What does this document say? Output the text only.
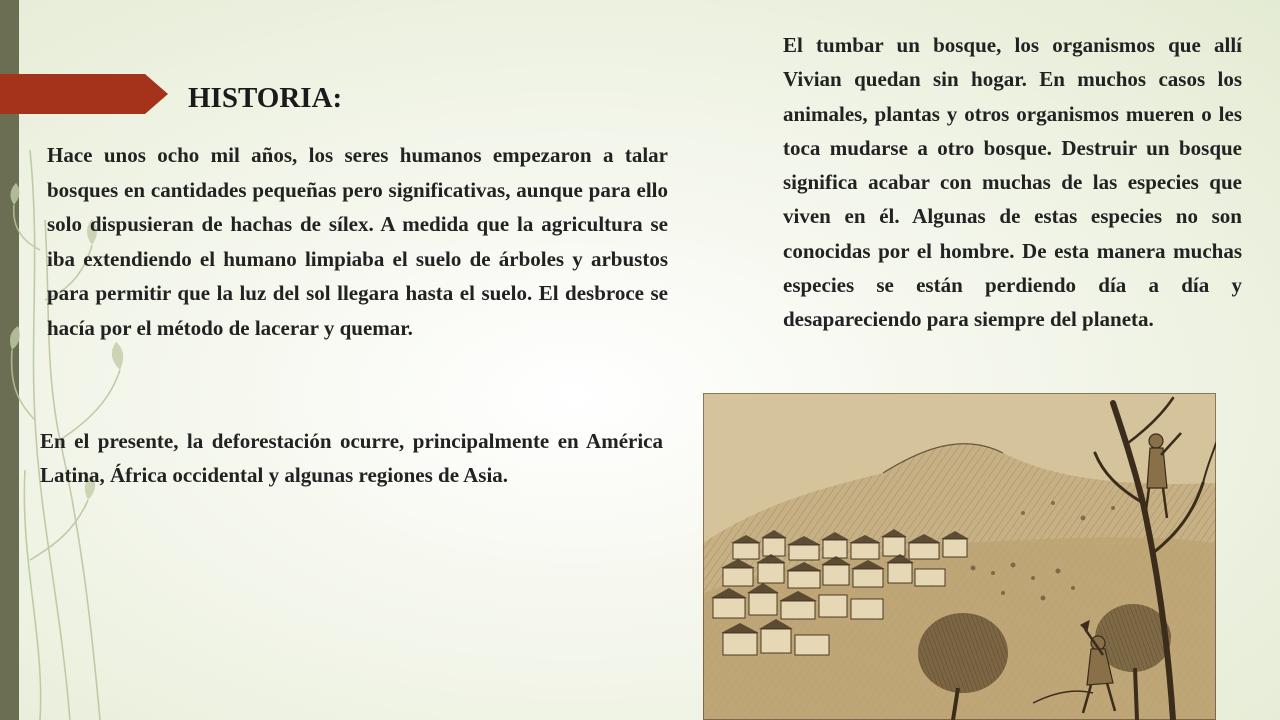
HISTORIA:

Hace unos ocho mil años, los seres humanos empezaron a talar bosques en cantidades pequeñas pero significativas, aunque para ello solo dispusieran de hachas de sílex. A medida que la agricultura se iba extendiendo el humano limpiaba el suelo de árboles y arbustos para permitir que la luz del sol llegara hasta el suelo. El desbroce se hacía por el método de lacerar y quemar.

En el presente, la deforestación ocurre, principalmente en América Latina, África occidental y algunas regiones de Asia.

El tumbar un bosque, los organismos que allí Vivian quedan sin hogar. En muchos casos los animales, plantas y otros organismos mueren o les toca mudarse a otro bosque. Destruir un bosque significa acabar con muchas de las especies que viven en él. Algunas de estas especies no son conocidas por el hombre. De esta manera muchas especies se están perdiendo día a día y desapareciendo para siempre del planeta.
